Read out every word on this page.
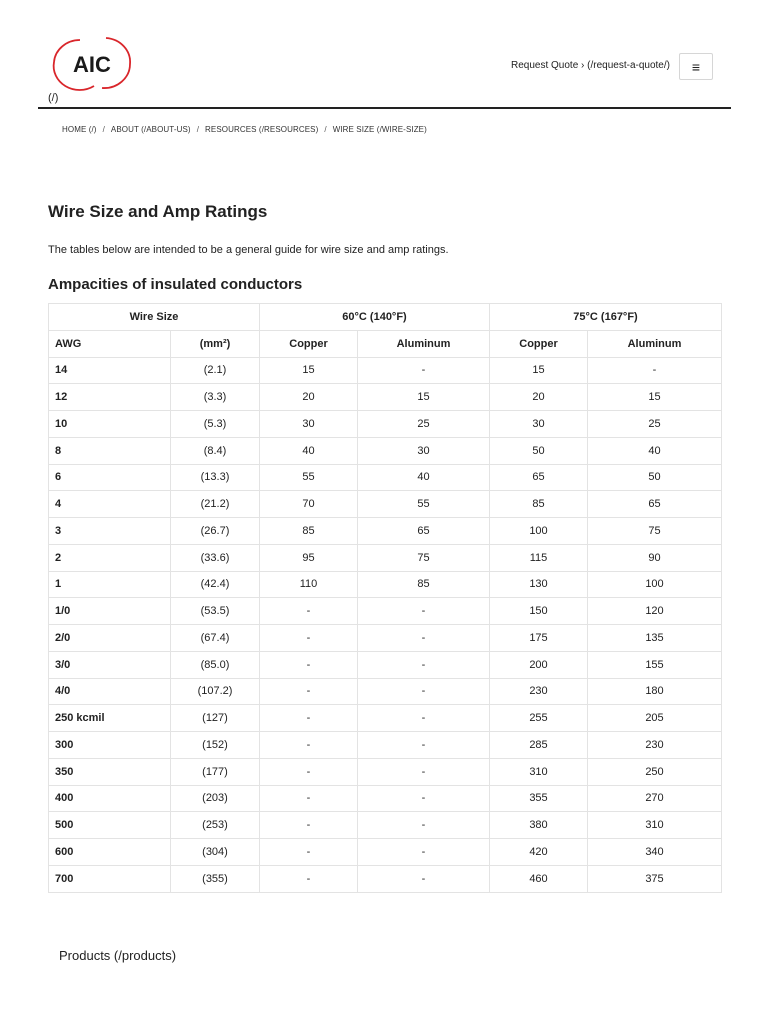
AIC
(/)
Request Quote › (/request-a-quote/) ≡
HOME (/) / ABOUT (/ABOUT-US) / RESOURCES (/RESOURCES) / WIRE SIZE (/WIRE-SIZE)
Wire Size and Amp Ratings

The tables below are intended to be a general guide for wire size and amp ratings.

Ampacities of insulated conductors
Wire Size		60°C (140°F)		75°C (167°F)	
AWG	(mm²)	Copper	Aluminum	Copper	Aluminum
14	(2.1)	15	-	15	-
12	(3.3)	20	15	20	15
10	(5.3)	30	25	30	25
8	(8.4)	40	30	50	40
6	(13.3)	55	40	65	50
4	(21.2)	70	55	85	65
3	(26.7)	85	65	100	75
2	(33.6)	95	75	115	90
1	(42.4)	110	85	130	100
1/0	(53.5)	-	-	150	120
2/0	(67.4)	-	-	175	135
3/0	(85.0)	-	-	200	155
4/0	(107.2)	-	-	230	180
250 kcmil	(127)	-	-	255	205
300	(152)	-	-	285	230
350	(177)	-	-	310	250
400	(203)	-	-	355	270
500	(253)	-	-	380	310
600	(304)	-	-	420	340
700	(355)	-	-	460	375
Products (/products)
